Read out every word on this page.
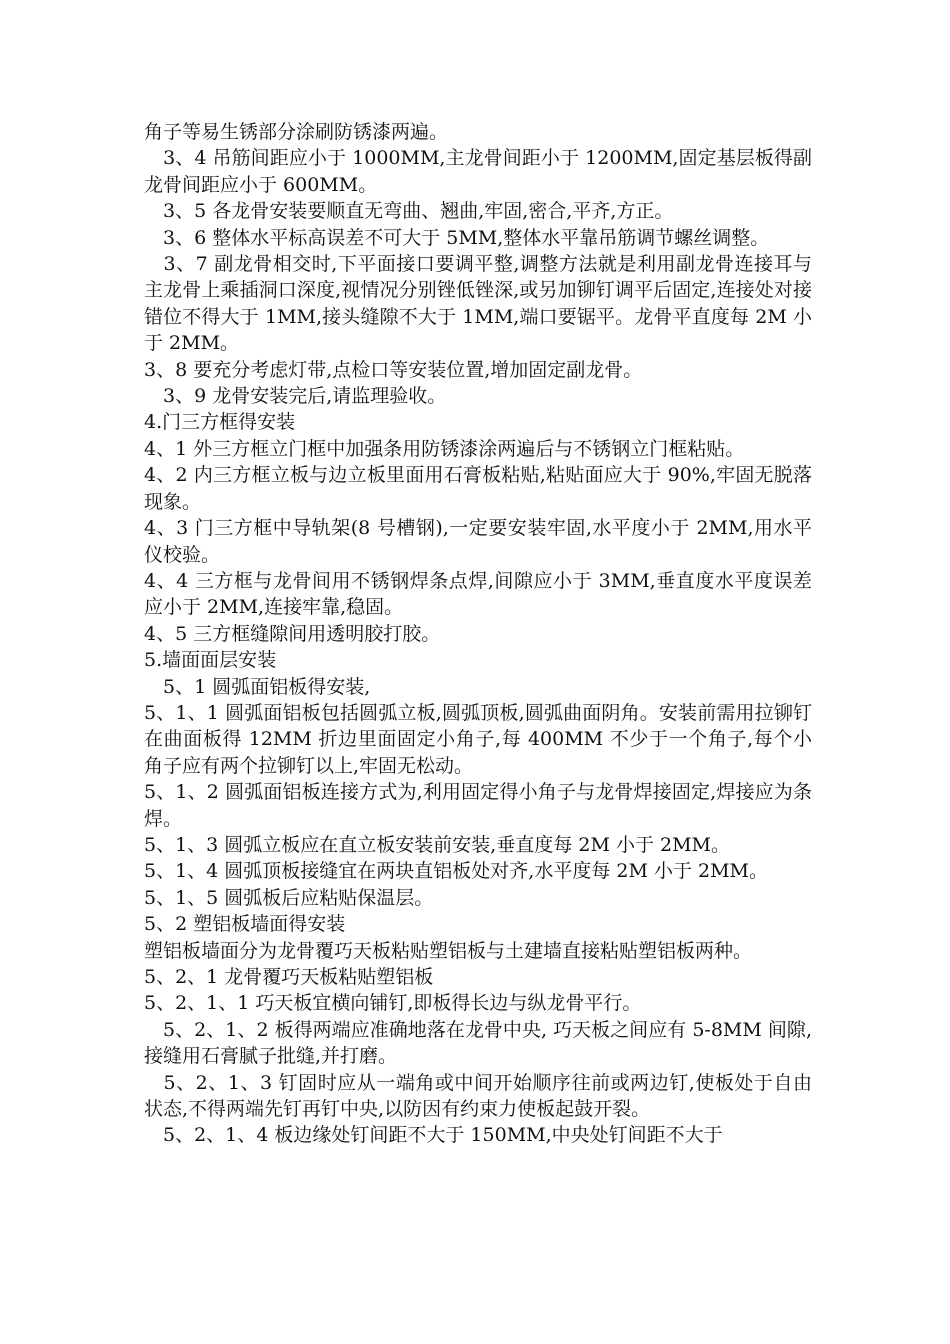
角子等易生锈部分涂刷防锈漆两遍。

　3、4 吊筋间距应小于 1000MM,主龙骨间距小于 1200MM,固定基层板得副龙骨间距应小于 600MM。

　3、5 各龙骨安装要顺直无弯曲、翘曲,牢固,密合,平齐,方正。

　3、6 整体水平标高误差不可大于 5MM,整体水平靠吊筋调节螺丝调整。

　3、7 副龙骨相交时,下平面接口要调平整,调整方法就是利用副龙骨连接耳与主龙骨上乘插洞口深度,视情况分别锉低锉深,或另加铆钉调平后固定,连接处对接错位不得大于 1MM,接头缝隙不大于 1MM,端口要锯平。龙骨平直度每 2M 小于 2MM。

3、8 要充分考虑灯带,点检口等安装位置,增加固定副龙骨。

　3、9 龙骨安装完后,请监理验收。

4.门三方框得安装

4、1 外三方框立门框中加强条用防锈漆涂两遍后与不锈钢立门框粘贴。

4、2 内三方框立板与边立板里面用石膏板粘贴,粘贴面应大于 90%,牢固无脱落现象。

4、3 门三方框中导轨架(8 号槽钢),一定要安装牢固,水平度小于 2MM,用水平仪校验。

4、4 三方框与龙骨间用不锈钢焊条点焊,间隙应小于 3MM,垂直度水平度误差应小于 2MM,连接牢靠,稳固。

4、5 三方框缝隙间用透明胶打胶。

5.墙面面层安装

　5、1 圆弧面铝板得安装,

5、1、1 圆弧面铝板包括圆弧立板,圆弧顶板,圆弧曲面阴角。安装前需用拉铆钉在曲面板得 12MM 折边里面固定小角子,每 400MM 不少于一个角子,每个小角子应有两个拉铆钉以上,牢固无松动。

5、1、2 圆弧面铝板连接方式为,利用固定得小角子与龙骨焊接固定,焊接应为条焊。

5、1、3 圆弧立板应在直立板安装前安装,垂直度每 2M 小于 2MM。

5、1、4 圆弧顶板接缝宜在两块直铝板处对齐,水平度每 2M 小于 2MM。

5、1、5 圆弧板后应粘贴保温层。

5、2 塑铝板墙面得安装

塑铝板墙面分为龙骨覆巧天板粘贴塑铝板与土建墙直接粘贴塑铝板两种。

5、2、1 龙骨覆巧天板粘贴塑铝板

5、2、1、1 巧天板宜横向铺钉,即板得长边与纵龙骨平行。

　5、2、1、2 板得两端应准确地落在龙骨中央, 巧天板之间应有 5-8MM 间隙,接缝用石膏腻子批缝,并打磨。

　5、2、1、3 钉固时应从一端角或中间开始顺序往前或两边钉,使板处于自由状态,不得两端先钉再钉中央,以防因有约束力使板起鼓开裂。

　5、2、1、4 板边缘处钉间距不大于 150MM,中央处钉间距不大于
